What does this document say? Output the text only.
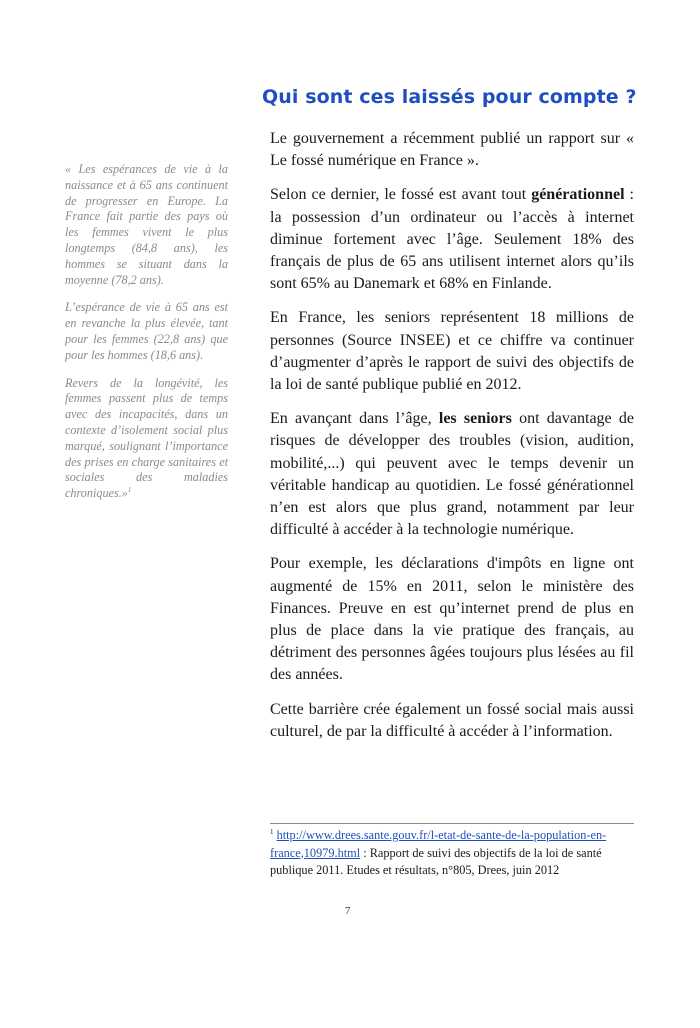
Qui sont ces laissés pour compte ?

« Les espérances de vie à la naissance et à 65 ans continuent de progresser en Europe. La France fait partie des pays où les femmes vivent le plus longtemps (84,8 ans), les hommes se situant dans la moyenne (78,2 ans).

L’espérance de vie à 65 ans est en revanche la plus élevée, tant pour les femmes (22,8 ans) que pour les hommes (18,6 ans).

Revers de la longévité, les femmes passent plus de temps avec des incapacités, dans un contexte d’isolement social plus marqué, soulignant l’importance des prises en charge sanitaires et sociales des maladies chroniques.»$^1$

Le gouvernement a récemment publié un rapport sur « Le fossé numérique en France ».

Selon ce dernier, le fossé est avant tout générationnel : la possession d’un ordinateur ou l’accès à internet diminue fortement avec l’âge. Seulement 18% des français de plus de 65 ans utilisent internet alors qu’ils sont 65% au Danemark et 68% en Finlande.

En France, les seniors représentent 18 millions de personnes (Source INSEE) et ce chiffre va continuer d’augmenter d’après le rapport de suivi des objectifs de la loi de santé publique publié en 2012.

En avançant dans l’âge, les seniors ont davantage de risques de développer des troubles (vision, audition, mobilité,...) qui peuvent avec le temps devenir un véritable handicap au quotidien. Le fossé générationnel n’en est alors que plus grand, notamment par leur difficulté à accéder à la technologie numérique.

Pour exemple, les déclarations d'impôts en ligne ont augmenté de 15% en 2011, selon le ministère des Finances. Preuve en est qu’internet prend de plus en plus de place dans la vie pratique des français, au détriment des personnes âgées toujours plus lésées au fil des années.

Cette barrière crée également un fossé social mais aussi culturel, de par la difficulté à accéder à l’information.

$^1$ http://www.drees.sante.gouv.fr/l-etat-de-sante-de-la-population-en-france,10979.html : Rapport de suivi des objectifs de la loi de santé publique 2011. Etudes et résultats, n°805, Drees, juin 2012
7
